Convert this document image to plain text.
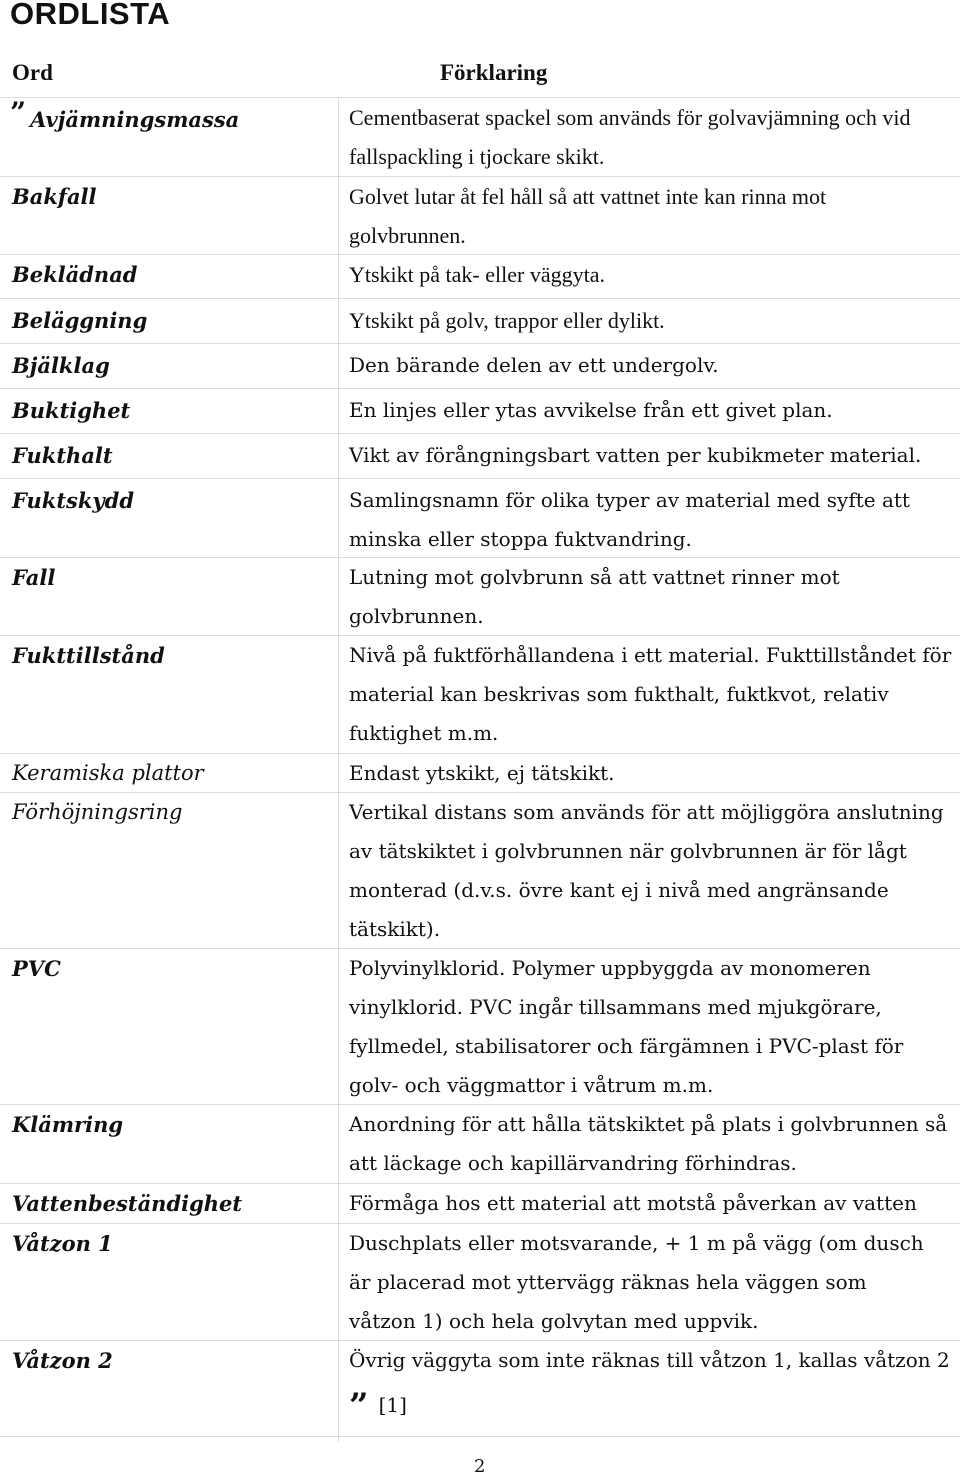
ORDLISTA
Ord	Förklaring
” Avjämningsmassa	Cementbaserat spackel som används för golvavjämning och vid fallspackling i tjockare skikt.
Bakfall	Golvet lutar åt fel håll så att vattnet inte kan rinna mot golvbrunnen.
Beklädnad	Ytskikt på tak- eller väggyta.
Beläggning	Ytskikt på golv, trappor eller dylikt.
Bjälklag	Den bärande delen av ett undergolv.
Buktighet	En linjes eller ytas avvikelse från ett givet plan.
Fukthalt	Vikt av förångningsbart vatten per kubikmeter material.
Fuktskydd	Samlingsnamn för olika typer av material med syfte att minska eller stoppa fuktvandring.
Fall	Lutning mot golvbrunn så att vattnet rinner mot golvbrunnen.
Fukttillstånd	Nivå på fuktförhållandena i ett material. Fukttillståndet för material kan beskrivas som fukthalt, fuktkvot, relativ fuktighet m.m.
Keramiska plattor	Endast ytskikt, ej tätskikt.
Förhöjningsring	Vertikal distans som används för att möjliggöra anslutning av tätskiktet i golvbrunnen när golvbrunnen är för lågt monterad (d.v.s. övre kant ej i nivå med angränsande tätskikt).
PVC	Polyvinylklorid. Polymer uppbyggda av monomeren vinylklorid. PVC ingår tillsammans med mjukgörare, fyllmedel, stabilisatorer och färgämnen i PVC-plast för golv- och väggmattor i våtrum m.m.
Klämring	Anordning för att hålla tätskiktet på plats i golvbrunnen så att läckage och kapillärvandring förhindras.
Vattenbeständighet	Förmåga hos ett material att motstå påverkan av vatten
Våtzon 1	Duschplats eller motsvarande, + 1 m på vägg (om dusch är placerad mot yttervägg räknas hela väggen som våtzon 1) och hela golvytan med uppvik.
Våtzon 2	Övrig väggyta som inte räknas till våtzon 1, kallas våtzon 2
” [1]
2
